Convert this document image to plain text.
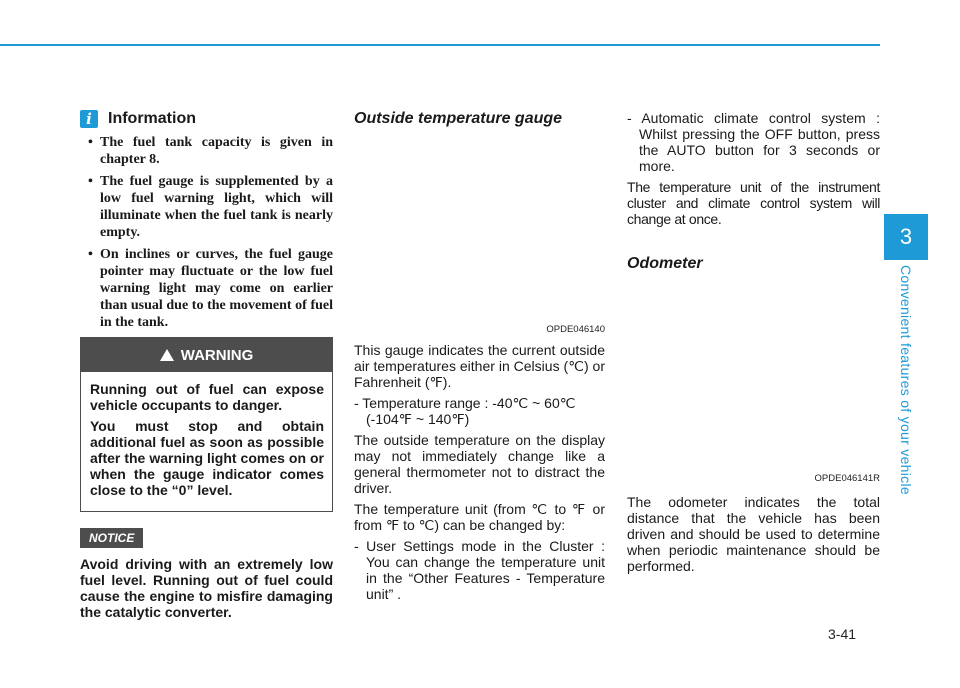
3
Convenient features of your vehicle
i	Information
• The fuel tank capacity is given in chapter 8.
• The fuel gauge is supplemented by a low fuel warning light, which will illuminate when the fuel tank is nearly empty.
• On inclines or curves, the fuel gauge pointer may fluctuate or the low fuel warning light may come on earlier than usual due to the movement of fuel in the tank.
WARNING

Running out of fuel can expose vehicle occupants to danger.

You must stop and obtain additional fuel as soon as possible after the warning light comes on or when the gauge indicator comes close to the “0” level.

NOTICE

Avoid driving with an extremely low fuel level. Running out of fuel could cause the engine to misfire damaging the catalytic converter.

Outside temperature gauge
OPDE046140

This gauge indicates the current outside air temperatures either in Celsius (℃) or Fahrenheit (℉).

- Temperature range : -40℃ ~ 60℃

(-104℉ ~ 140℉)

The outside temperature on the display may not immediately change like a general thermometer not to distract the driver.

The temperature unit (from ℃ to ℉ or from ℉ to ℃) can be changed by:

- User Settings mode in the Cluster : You can change the temperature unit in the “Other Features - Temperature unit” .

- Automatic climate control system : Whilst pressing the OFF button, press the AUTO button for 3 seconds or more.

The temperature unit of the instrument cluster and climate control system will change at once.

Odometer
OPDE046141R

The odometer indicates the total distance that the vehicle has been driven and should be used to determine when periodic maintenance should be performed.

3-41
